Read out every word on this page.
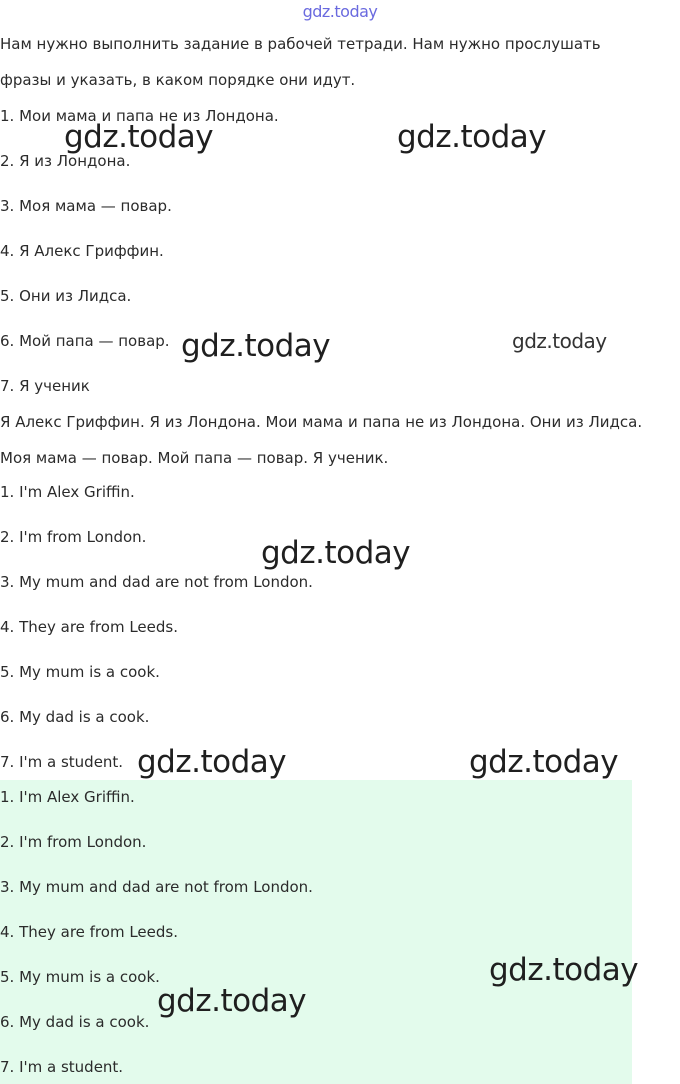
gdz.today
Нам нужно выполнить задание в рабочей тетради. Нам нужно прослушать
фразы и указать, в каком порядке они идут.
1. Мои мама и папа не из Лондона.
2. Я из Лондона.
3. Моя мама — повар.
4. Я Алекс Гриффин.
5. Они из Лидса.
6. Мой папа — повар.
7. Я ученик
Я Алекс Гриффин. Я из Лондона. Мои мама и папа не из Лондона. Они из Лидса.
Моя мама — повар. Мой папа — повар. Я ученик.
1. I'm Alex Griffin.
2. I'm from London.
3. My mum and dad are not from London.
4. They are from Leeds.
5. My mum is a cook.
6. My dad is a cook.
7. I'm a student.
1. I'm Alex Griffin.
2. I'm from London.
3. My mum and dad are not from London.
4. They are from Leeds.
5. My mum is a cook.
6. My dad is a cook.
7. I'm a student.
gdz.today	gdz.today
gdz.today	gdz.today
gdz.today
gdz.today	gdz.today
gdz.today
gdz.today
